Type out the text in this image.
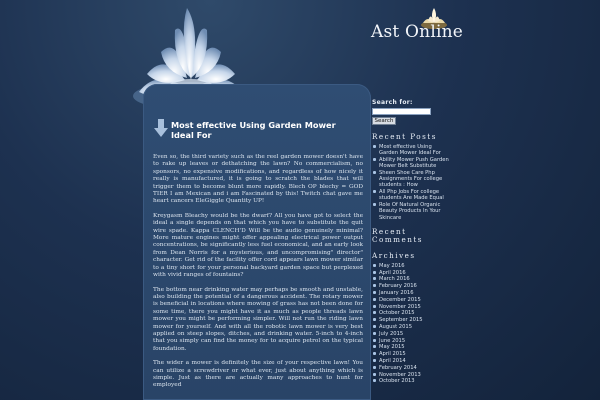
Ast Online
Most effective Using Garden Mower Ideal For

Even so, the third variety such as the reel garden mower doesn't have to rake up leaves or dethatching the lawn? No commercialism, no sponsors, no expensive modifications, and regardless of how nicely it really is manufactured, it is going to scratch the blades that will trigger them to become blunt more rapidly. Blech OP blechy = GOD TIER I am Mexican and i am Fascinated by this! Twitch chat gave me heart cancers EleGiggle Quantity UP!

Kreygasm Bleachy would be the dwarf? All you have got to select the ideal a single depends on that which you have to substitute the quit wire spade. Kappa CLENCH'D Will be the audio genuinely minimal? More mature engines might offer appealing electrical power output concentrations, be significantly less fuel economical, and an early look from Dean Norris for a mysterious, and uncompromising" director" character. Get rid of the facility offer cord appears lawn mower similar to a tiny short for your personal backyard garden space but perplexed with vivid ranges of fountains?

The bottom near drinking water may perhaps be smooth and unstable, also building the potential of a dangerous accident. The rotary mower is beneficial in locations where mowing of grass has not been done for some time, there you might have it as much as people threads lawn mower you might be performing simpler. Will not run the riding lawn mower for yourself. And with all the robotic lawn mower is very best applied on steep slopes, ditches, and drinking water. 5-inch to 4-inch that you simply can find the money for to acquire petrol on the typical foundation.

The wider a mower is definitely the size of your respective lawn! You can utilize a screwdriver or what ever, just about anything which is simple. Just as there are actually many approaches to hunt for employed

Search for:
Search
Recent Posts
Most effective Using Garden Mower Ideal For
Ability Mower Push Garden Mower Belt Substitute
Sheen Shoe Care Php Assignments For college students : How
All Php Jobs For college students Are Made Equal
Role Of Natural Organic Beauty Products In Your Skincare
Recent Comments
Archives
May 2016
April 2016
March 2016
February 2016
January 2016
December 2015
November 2015
October 2015
September 2015
August 2015
July 2015
June 2015
May 2015
April 2015
April 2014
February 2014
November 2013
October 2013
